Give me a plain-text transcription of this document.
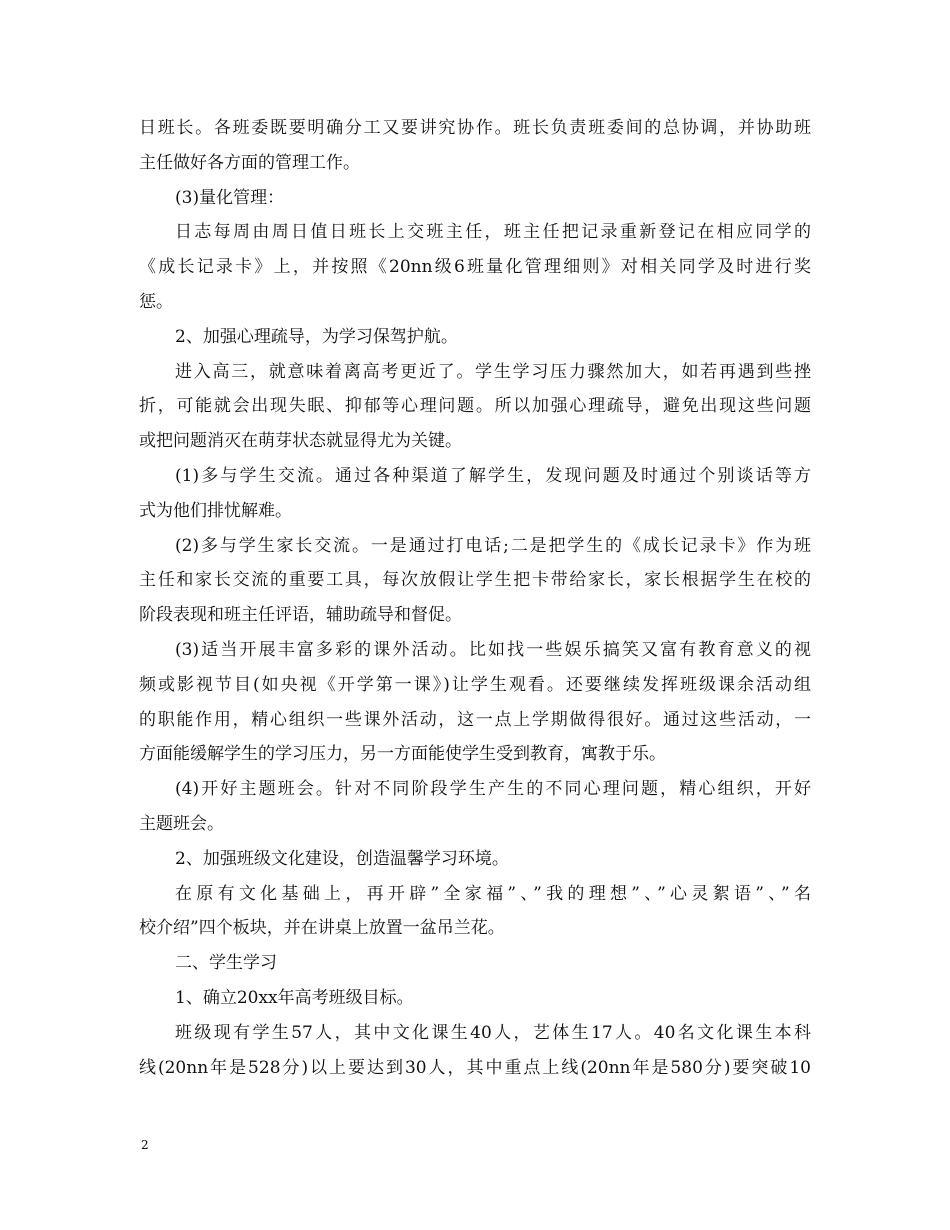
日班长。各班委既要明确分工又要讲究协作。班长负责班委间的总协调，并协助班
主任做好各方面的管理工作。
(3)量化管理：
日志每周由周日值日班长上交班主任，班主任把记录重新登记在相应同学的
《成长记录卡》上，并按照《20nn级6班量化管理细则》对相关同学及时进行奖
惩。
2、加强心理疏导，为学习保驾护航。
进入高三，就意味着离高考更近了。学生学习压力骤然加大，如若再遇到些挫
折，可能就会出现失眠、抑郁等心理问题。所以加强心理疏导，避免出现这些问题
或把问题消灭在萌芽状态就显得尤为关键。
(1)多与学生交流。通过各种渠道了解学生，发现问题及时通过个别谈话等方
式为他们排忧解难。
(2)多与学生家长交流。一是通过打电话;二是把学生的《成长记录卡》作为班
主任和家长交流的重要工具，每次放假让学生把卡带给家长，家长根据学生在校的
阶段表现和班主任评语，辅助疏导和督促。
(3)适当开展丰富多彩的课外活动。比如找一些娱乐搞笑又富有教育意义的视
频或影视节目(如央视《开学第一课》)让学生观看。还要继续发挥班级课余活动组
的职能作用，精心组织一些课外活动，这一点上学期做得很好。通过这些活动，一
方面能缓解学生的学习压力，另一方面能使学生受到教育，寓教于乐。
(4)开好主题班会。针对不同阶段学生产生的不同心理问题，精心组织，开好
主题班会。
2、加强班级文化建设，创造温馨学习环境。
在原有文化基础上，再开辟”全家福”、”我的理想”、”心灵絮语”、”名
校介绍”四个板块，并在讲桌上放置一盆吊兰花。
二、学生学习
1、确立20xx年高考班级目标。
班级现有学生57人，其中文化课生40人，艺体生17人。40名文化课生本科
线(20nn年是528分)以上要达到30人，其中重点上线(20nn年是580分)要突破10
2
